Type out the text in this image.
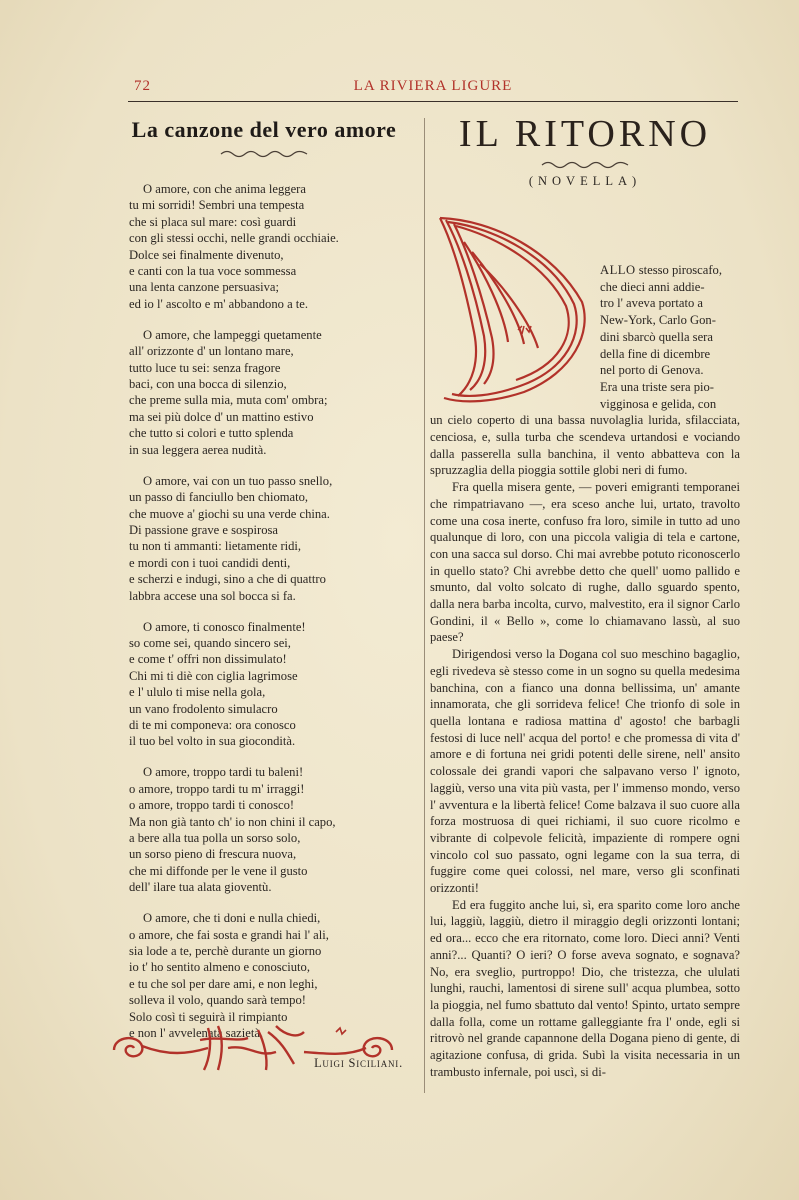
72	LA RIVIERA LIGURE
La canzone del vero amore
O amore, con che anima leggera
tu mi sorridi! Sembri una tempesta
che si placa sul mare: così guardi
con gli stessi occhi, nelle grandi occhiaie.
Dolce sei finalmente divenuto,
e canti con la tua voce sommessa
una lenta canzone persuasiva;
ed io l' ascolto e m' abbandono a te.
O amore, che lampeggi quetamente
all' orizzonte d' un lontano mare,
tutto luce tu sei: senza fragore
baci, con una bocca di silenzio,
che preme sulla mia, muta com' ombra;
ma sei più dolce d' un mattino estivo
che tutto si colori e tutto splenda
in sua leggera aerea nudità.
O amore, vai con un tuo passo snello,
un passo di fanciullo ben chiomato,
che muove a' giochi su una verde china.
Di passione grave e sospirosa
tu non ti ammanti: lietamente ridi,
e mordi con i tuoi candidi denti,
e scherzi e indugi, sino a che di quattro
labbra accese una sol bocca si fa.
O amore, ti conosco finalmente!
so come sei, quando sincero sei,
e come t' offri non dissimulato!
Chi mi ti diè con ciglia lagrimose
e l' ululo ti mise nella gola,
un vano frodolento simulacro
di te mi componeva: ora conosco
il tuo bel volto in sua giocondità.
O amore, troppo tardi tu baleni!
o amore, troppo tardi tu m' irraggi!
o amore, troppo tardi ti conosco!
Ma non già tanto ch' io non chini il capo,
a bere alla tua polla un sorso solo,
un sorso pieno di frescura nuova,
che mi diffonde per le vene il gusto
dell' ilare tua alata gioventù.
O amore, che ti doni e nulla chiedi,
o amore, che fai sosta e grandi hai l' ali,
sia lode a te, perchè durante un giorno
io t' ho sentito almeno e conosciuto,
e tu che sol per dare ami, e non leghi,
solleva il volo, quando sarà tempo!
Solo così ti seguirà il rimpianto
e non l' avvelenata sazietà.
Luigi Siciliani.
IL RITORNO
(NOVELLA)
ALLO stesso piroscafo,
che dieci anni addie-
tro l' aveva portato a
New-York, Carlo Gon-
dini sbarcò quella sera
della fine di dicembre
nel porto di Genova.
Era una triste sera pio-
vigginosa e gelida, con

un cielo coperto di una bassa nuvolaglia lurida, sfilacciata, cenciosa, e, sulla turba che scendeva urtandosi e vociando dalla passerella sulla banchina, il vento abbatteva con la spruzzaglia della pioggia sottile globi neri di fumo.

Fra quella misera gente, — poveri emigranti temporanei che rimpatriavano —, era sceso anche lui, urtato, travolto come una cosa inerte, confuso fra loro, simile in tutto ad uno qualunque di loro, con una piccola valigia di tela e cartone, con una sacca sul dorso. Chi mai avrebbe potuto riconoscerlo in quello stato? Chi avrebbe detto che quell' uomo pallido e smunto, dal volto solcato di rughe, dallo sguardo spento, dalla nera barba incolta, curvo, malvestito, era il signor Carlo Gondini, il « Bello », come lo chiamavano lassù, al suo paese?

Dirigendosi verso la Dogana col suo meschino bagaglio, egli rivedeva sè stesso come in un sogno su quella medesima banchina, con a fianco una donna bellissima, un' amante innamorata, che gli sorrideva felice! Che trionfo di sole in quella lontana e radiosa mattina d' agosto! che barbagli festosi di luce nell' acqua del porto! e che promessa di vita d' amore e di fortuna nei gridi potenti delle sirene, nell' ansito colossale dei grandi vapori che salpavano verso l' ignoto, laggiù, verso una vita più vasta, per l' immenso mondo, verso l' avventura e la libertà felice! Come balzava il suo cuore alla forza mostruosa di quei richiami, il suo cuore ricolmo e vibrante di colpevole felicità, impaziente di rompere ogni vincolo col suo passato, ogni legame con la sua terra, di fuggire come quei colossi, nel mare, verso gli sconfinati orizzonti!

Ed era fuggito anche lui, sì, era sparito come loro anche lui, laggiù, laggiù, dietro il miraggio degli orizzonti lontani; ed ora... ecco che era ritornato, come loro. Dieci anni? Venti anni?... Quanti? O ieri? O forse aveva sognato, e sognava? No, era sveglio, purtroppo! Dio, che tristezza, che ululati lunghi, rauchi, lamentosi di sirene sull' acqua plumbea, sotto la pioggia, nel fumo sbattuto dal vento! Spinto, urtato sempre dalla folla, come un rottame galleggiante fra l' onde, egli si ritrovò nel grande capannone della Dogana pieno di gente, di agitazione confusa, di grida. Subì la visita necessaria in un trambusto infernale, poi uscì, si di-
